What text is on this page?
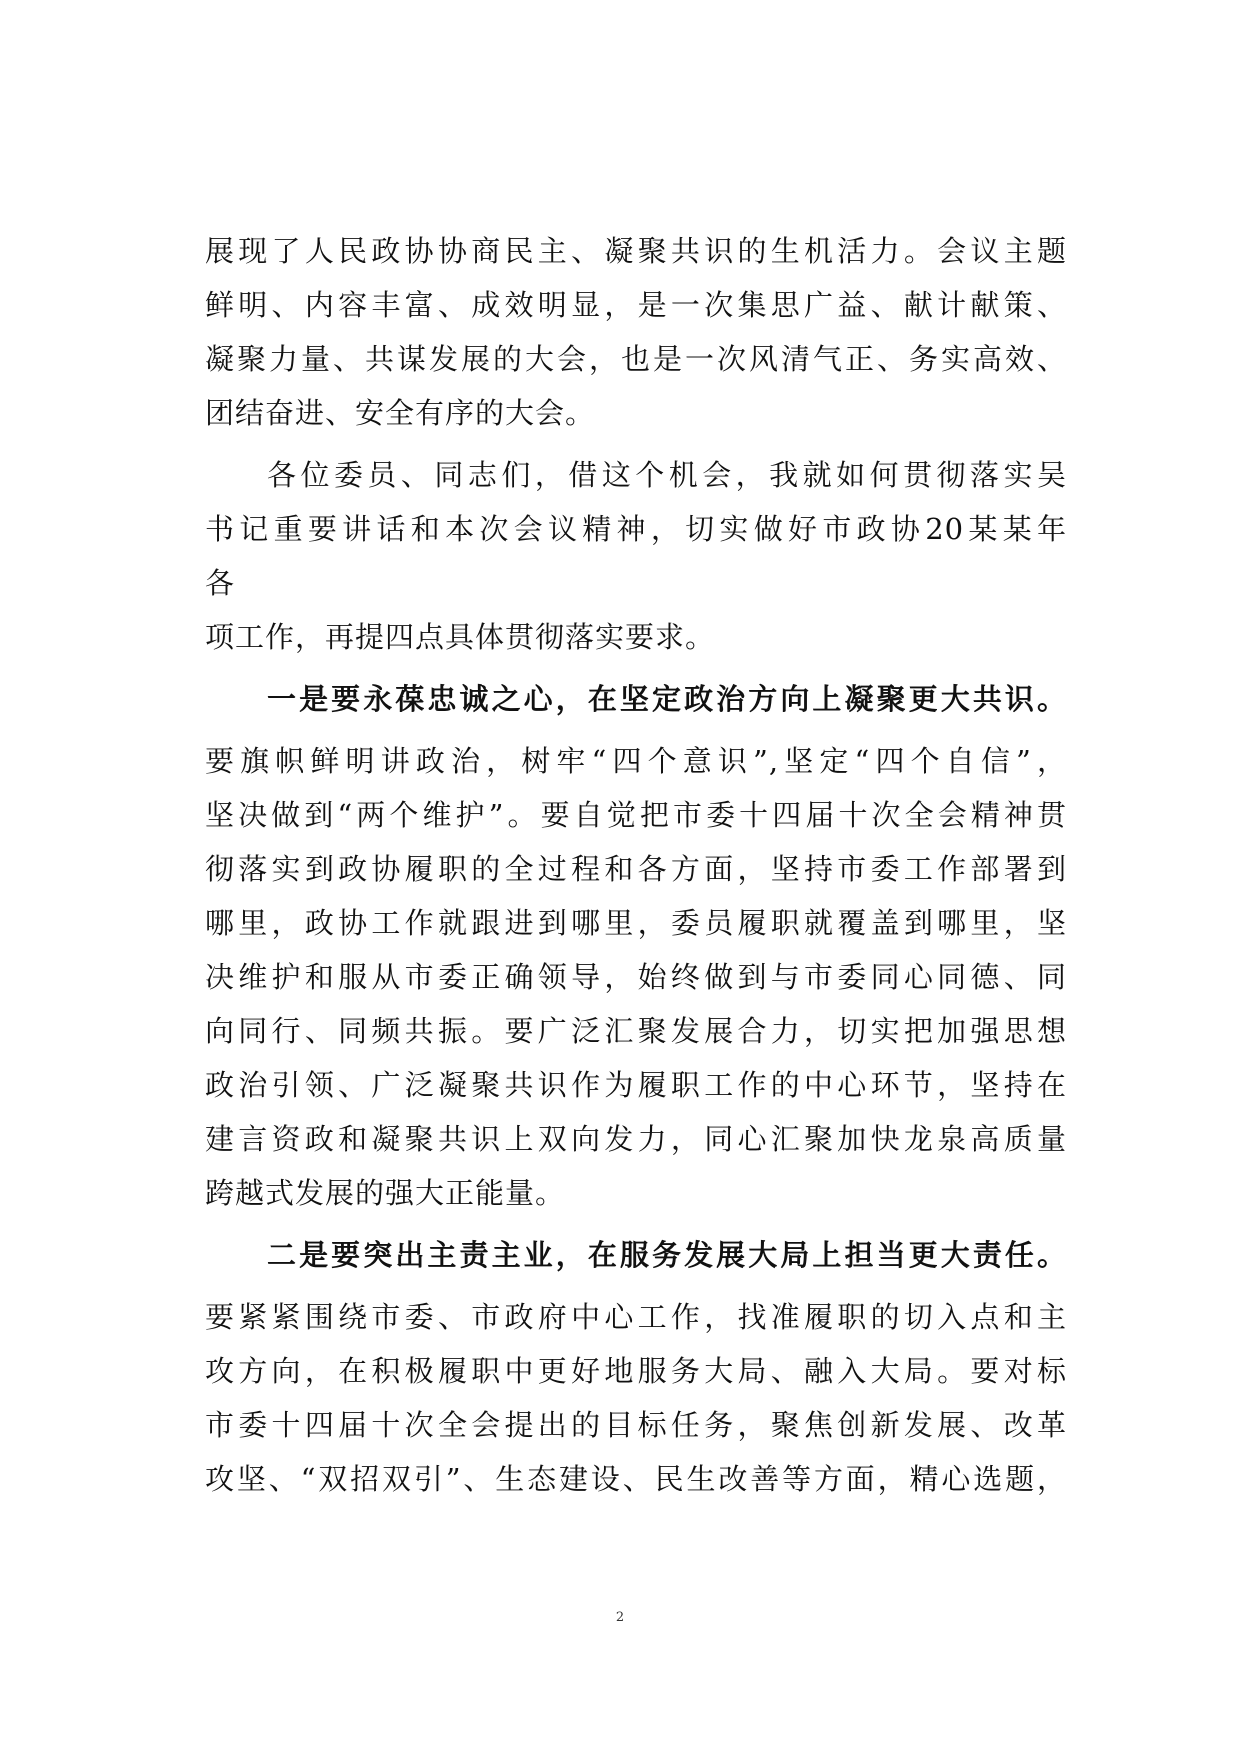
展现了人民政协协商民主、凝聚共识的生机活力。会议主题
鲜明、内容丰富、成效明显，是一次集思广益、献计献策、
凝聚力量、共谋发展的大会，也是一次风清气正、务实高效、
团结奋进、安全有序的大会。
各位委员、同志们，借这个机会，我就如何贯彻落实吴
书记重要讲话和本次会议精神，切实做好市政协20某某年
各
项工作，再提四点具体贯彻落实要求。
一是要永葆忠诚之心，在坚定政治方向上凝聚更大共识。
要旗帜鲜明讲政治，树牢“四个意识”,坚定“四个自信”，
坚决做到“两个维护”。要自觉把市委十四届十次全会精神贯
彻落实到政协履职的全过程和各方面，坚持市委工作部署到
哪里，政协工作就跟进到哪里，委员履职就覆盖到哪里，坚
决维护和服从市委正确领导，始终做到与市委同心同德、同
向同行、同频共振。要广泛汇聚发展合力，切实把加强思想
政治引领、广泛凝聚共识作为履职工作的中心环节，坚持在
建言资政和凝聚共识上双向发力，同心汇聚加快龙泉高质量
跨越式发展的强大正能量。
二是要突出主责主业，在服务发展大局上担当更大责任。
要紧紧围绕市委、市政府中心工作，找准履职的切入点和主
攻方向，在积极履职中更好地服务大局、融入大局。要对标
市委十四届十次全会提出的目标任务，聚焦创新发展、改革
攻坚、“双招双引”、生态建设、民生改善等方面，精心选题，
2
